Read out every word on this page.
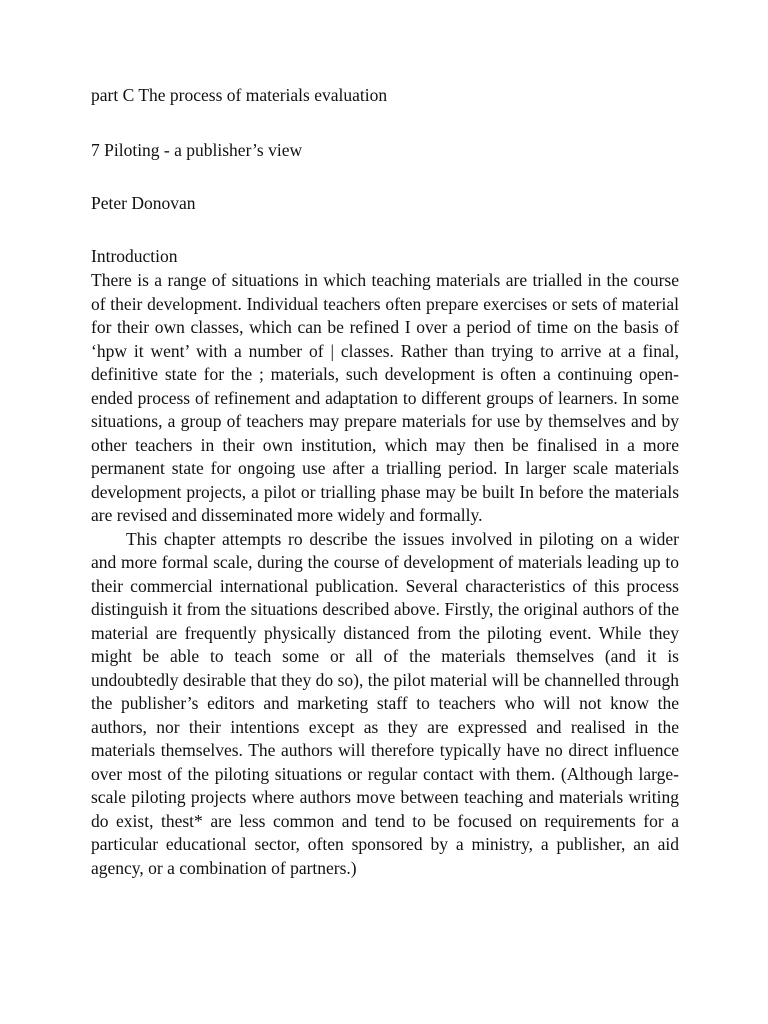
part C The process of materials evaluation

7 Piloting - a publisher’s view

Peter Donovan

Introduction

There is a range of situations in which teaching materials are trialled in the course of their development. Individual teachers often prepare exercises or sets of material for their own classes, which can be refined I over a period of time on the basis of ‘hpw it went’ with a number of | classes. Rather than trying to arrive at a final, definitive state for the ; materials, such development is often a continuing open-ended process of refinement and adaptation to different groups of learners. In some situations, a group of teachers may prepare materials for use by themselves and by other teachers in their own institution, which may then be finalised in a more permanent state for ongoing use after a trialling period. In larger scale materials development projects, a pilot or trialling phase may be built In before the materials are revised and disseminated more widely and formally.

This chapter attempts ro describe the issues involved in piloting on a wider and more formal scale, during the course of development of materials leading up to their commercial international publication. Several characteristics of this process distinguish it from the situations described above. Firstly, the original authors of the material are frequently physically distanced from the piloting event. While they might be able to teach some or all of the materials themselves (and it is undoubtedly desirable that they do so), the pilot material will be channelled through the publisher’s editors and marketing staff to teachers who will not know the authors, nor their intentions except as they are expressed and realised in the materials themselves. The authors will therefore typically have no direct influence over most of the piloting situations or regular contact with them. (Although large-scale piloting projects where authors move between teaching and materials writing do exist, thest* are less common and tend to be focused on requirements for a particular educational sector, often sponsored by a ministry, a publisher, an aid agency, or a combination of partners.)
